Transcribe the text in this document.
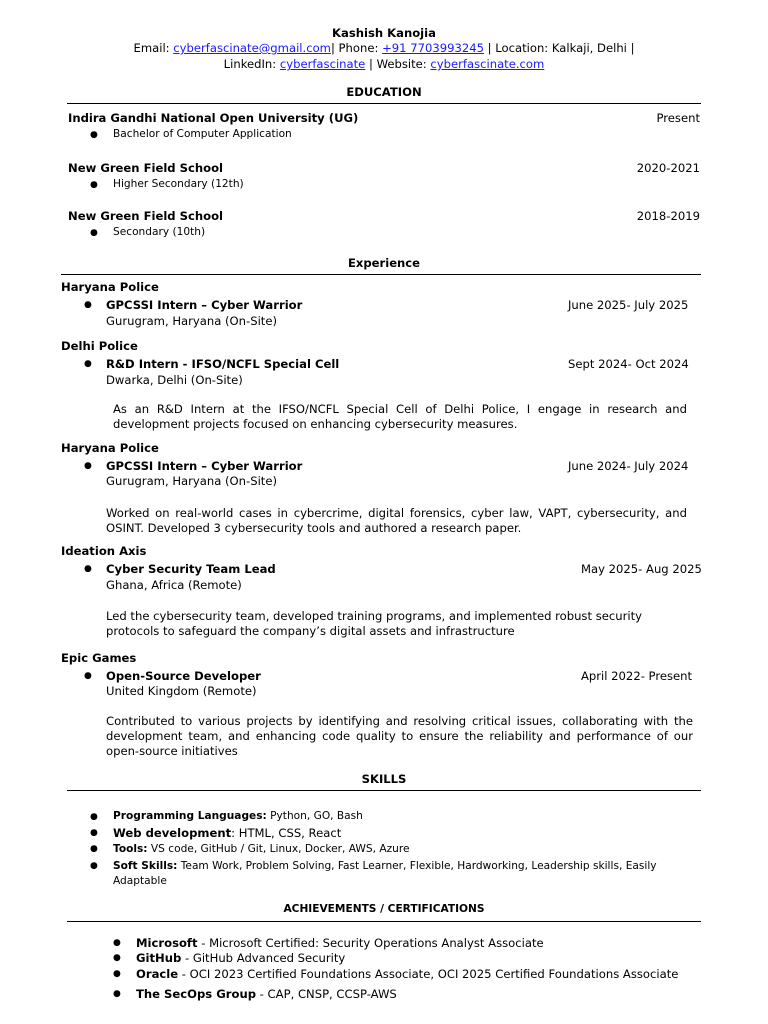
Kashish Kanojia
Email: cyberfascinate@gmail.com| Phone: +91 7703993245 | Location: Kalkaji, Delhi |
LinkedIn: cyberfascinate | Website: cyberfascinate.com
EDUCATION
Indira Gandhi National Open University (UG)	Present
● Bachelor of Computer Application
New Green Field School	2020-2021
● Higher Secondary (12th)
New Green Field School	2018-2019
● Secondary (10th)
Experience
Haryana Police
● GPCSSI Intern – Cyber Warrior	June 2025- July 2025
Gurugram, Haryana (On-Site)
Delhi Police
● R&D Intern - IFSO/NCFL Special Cell	Sept 2024- Oct 2024
Dwarka, Delhi (On-Site)
As an R&D Intern at the IFSO/NCFL Special Cell of Delhi Police, I engage in research and development projects focused on enhancing cybersecurity measures.
Haryana Police
● GPCSSI Intern – Cyber Warrior	June 2024- July 2024
Gurugram, Haryana (On-Site)
Worked on real-world cases in cybercrime, digital forensics, cyber law, VAPT, cybersecurity, and OSINT. Developed 3 cybersecurity tools and authored a research paper.
Ideation Axis
● Cyber Security Team Lead	May 2025- Aug 2025
Ghana, Africa (Remote)
Led the cybersecurity team, developed training programs, and implemented robust security protocols to safeguard the company’s digital assets and infrastructure
Epic Games
● Open-Source Developer	April 2022- Present
United Kingdom (Remote)
Contributed to various projects by identifying and resolving critical issues, collaborating with the development team, and enhancing code quality to ensure the reliability and performance of our open-source initiatives
SKILLS
● Programming Languages: Python, GO, Bash
● Web development: HTML, CSS, React
● Tools: VS code, GitHub / Git, Linux, Docker, AWS, Azure
● Soft Skills: Team Work, Problem Solving, Fast Learner, Flexible, Hardworking, Leadership skills, Easily Adaptable
ACHIEVEMENTS / CERTIFICATIONS
● Microsoft - Microsoft Certified: Security Operations Analyst Associate
● GitHub - GitHub Advanced Security
● Oracle - OCI 2023 Certified Foundations Associate, OCI 2025 Certified Foundations Associate
● The SecOps Group - CAP, CNSP, CCSP-AWS
